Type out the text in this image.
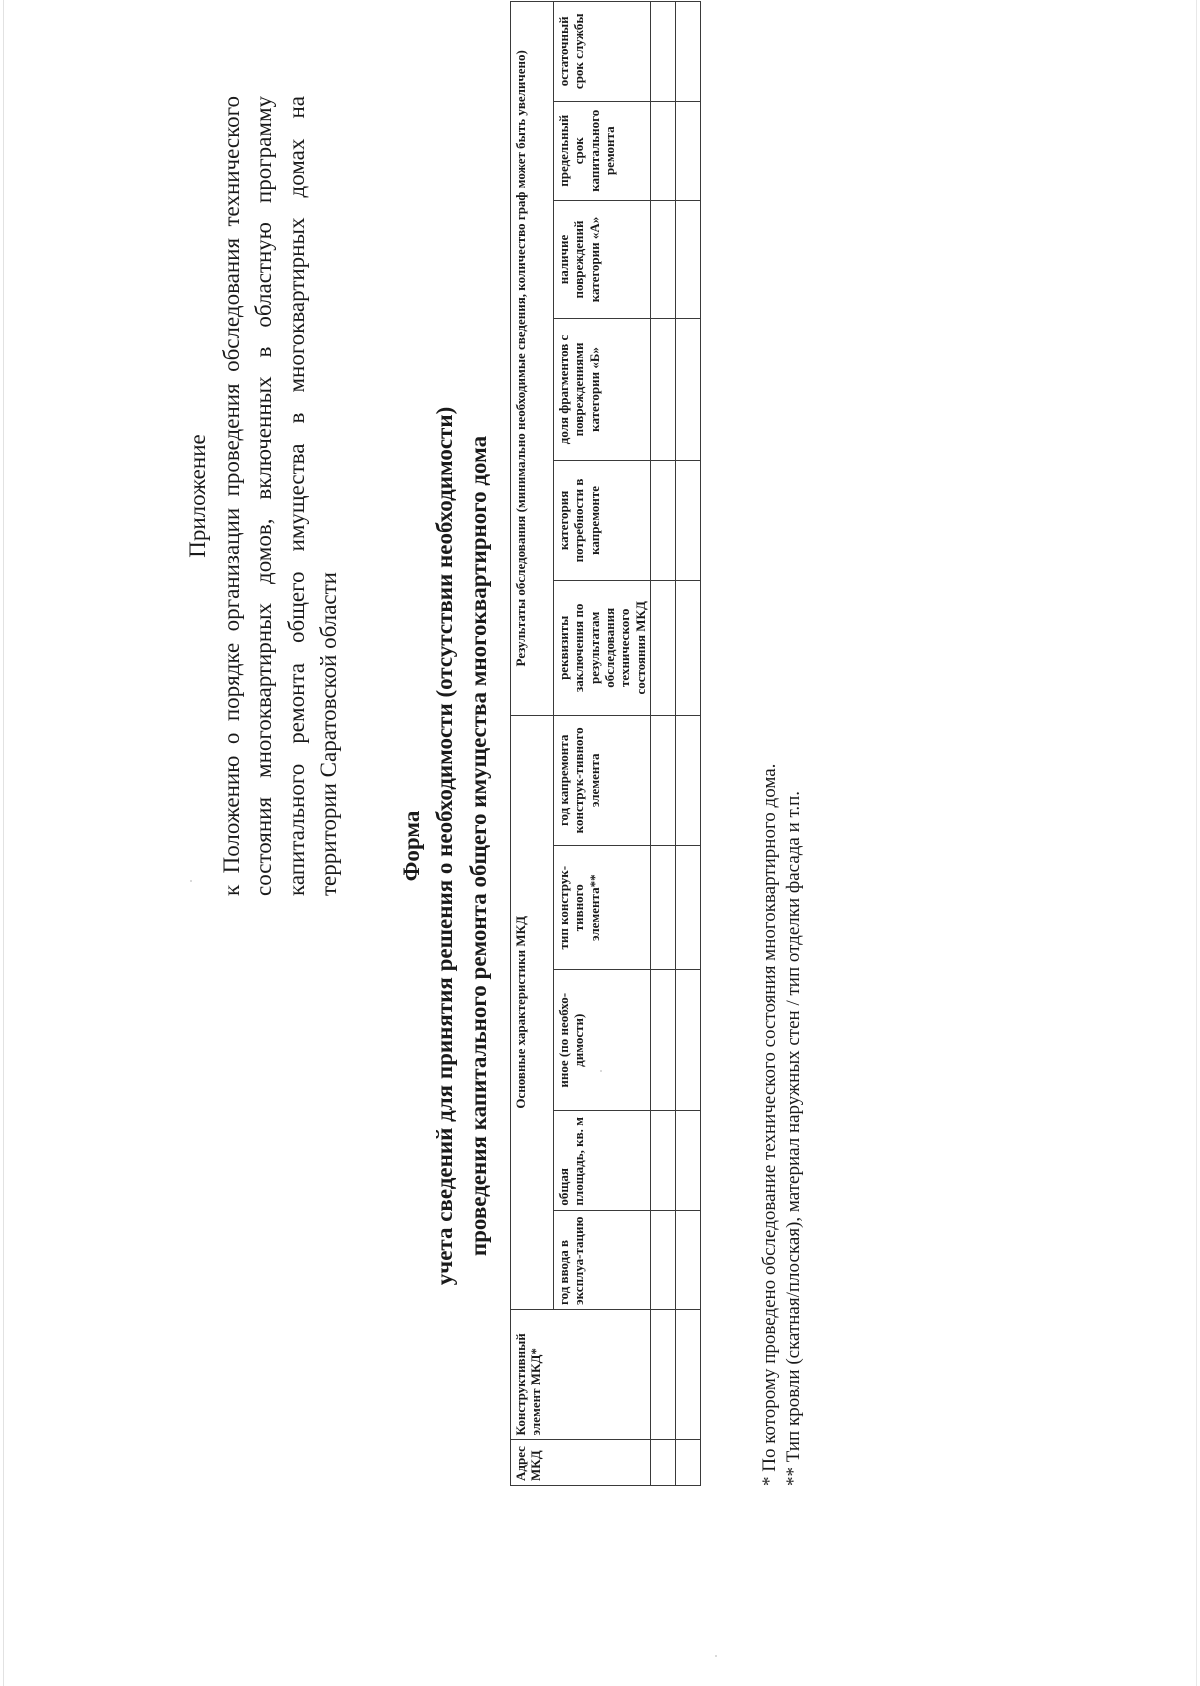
Приложение к Положению о порядке организации проведения обследования технического состояния многоквартирных домов, включенных в областную программу капитального ремонта общего имущества в многоквартирных домах на территории Саратовской области	Форма учета сведений для принятия решения о необходимости (отсутствии необходимости) проведения капитального ремонта общего имущества многоквартирного дома
Адрес МКД	Конструктивный элемент МКД*	Основные характеристики МКД					Результаты обследования (минимально необходимые сведения, количество граф может быть увеличено)					
		год ввода в эксплуа-тацию	общая площадь, кв. м	иное (по необхо-димости)	тип конструк-тивного элемента**	год капремонта конструк-тивного элемента	реквизиты заключения по результатам обследования технического состояния МКД	категория потребности в капремонте	доля фрагментов с повреждениями категории «Б»	наличие повреждений категории «А»	предельный срок капитального ремонта	остаточный срок службы

* По которому проведено обследование технического состояния многоквартирного дома. ** Тип кровли (скатная/плоская), материал наружных стен / тип отделки фасада и т.п.
